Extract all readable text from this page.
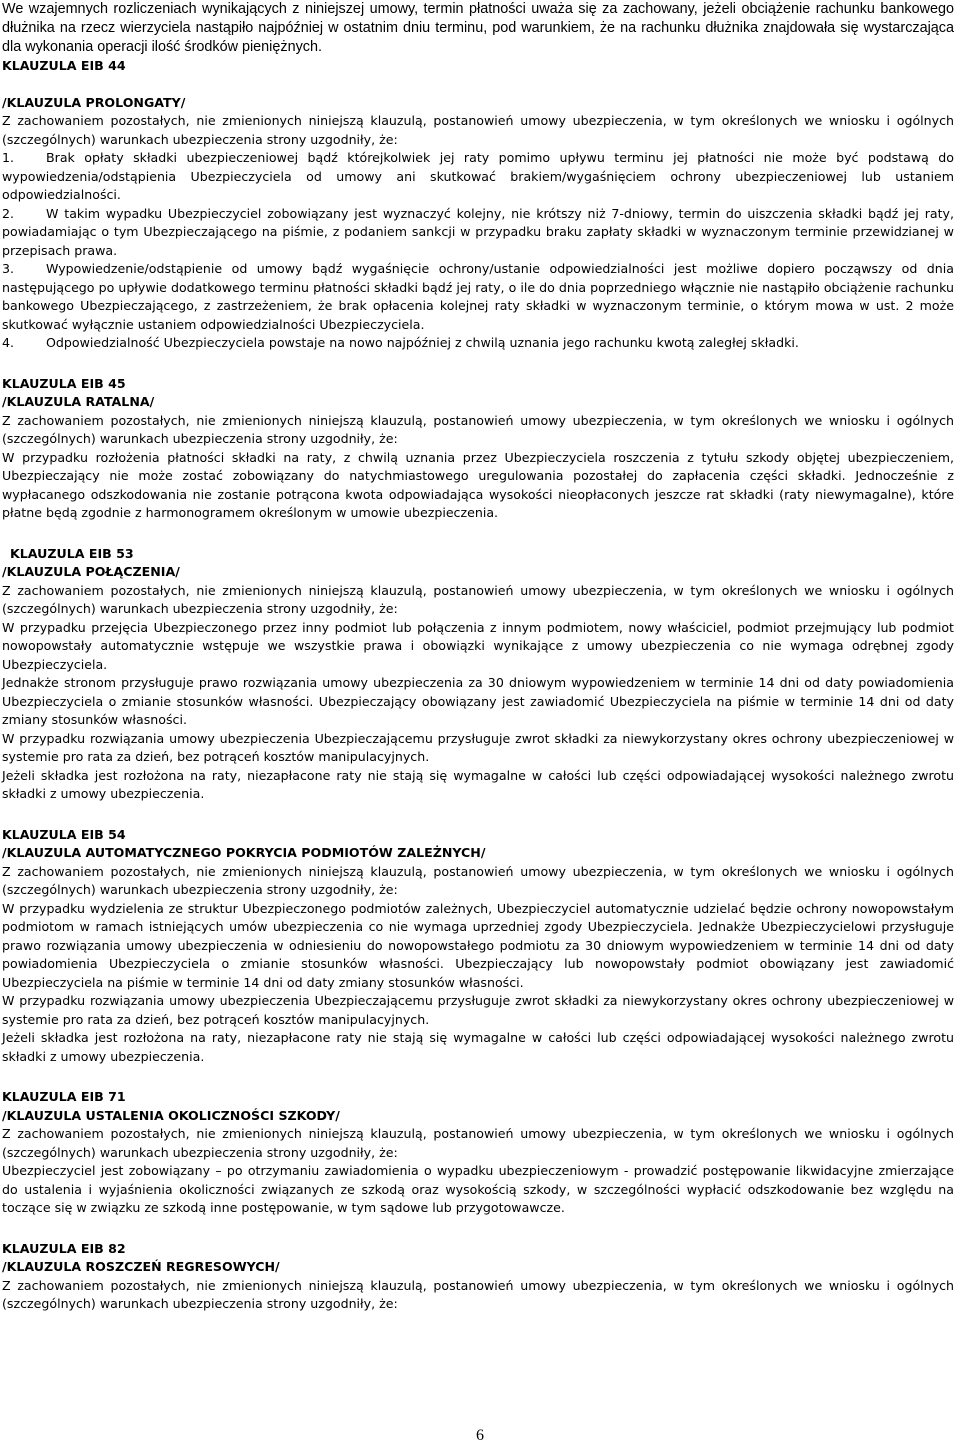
We wzajemnych rozliczeniach wynikających z niniejszej umowy, termin płatności uważa się za zachowany, jeżeli obciążenie rachunku bankowego dłużnika na rzecz wierzyciela nastąpiło najpóźniej w ostatnim dniu terminu, pod warunkiem, że na rachunku dłużnika znajdowała się wystarczająca dla wykonania operacji ilość środków pieniężnych.

KLAUZULA EIB 44

/KLAUZULA PROLONGATY/

Z zachowaniem pozostałych, nie zmienionych niniejszą klauzulą, postanowień umowy ubezpieczenia, w tym określonych we wniosku i ogólnych (szczególnych) warunkach ubezpieczenia strony uzgodniły, że:

1.	Brak opłaty składki ubezpieczeniowej bądź którejkolwiek jej raty pomimo upływu terminu jej płatności nie może być podstawą do wypowiedzenia/odstąpienia Ubezpieczyciela od umowy ani skutkować brakiem/wygaśnięciem ochrony ubezpieczeniowej lub ustaniem odpowiedzialności.

2.	W takim wypadku Ubezpieczyciel zobowiązany jest wyznaczyć kolejny, nie krótszy niż 7-dniowy, termin do uiszczenia składki bądź jej raty, powiadamiając o tym Ubezpieczającego na piśmie, z podaniem sankcji w przypadku braku zapłaty składki w wyznaczonym terminie przewidzianej w przepisach prawa.

3.	Wypowiedzenie/odstąpienie od umowy bądź wygaśnięcie ochrony/ustanie odpowiedzialności jest możliwe dopiero począwszy od dnia następującego po upływie dodatkowego terminu płatności składki bądź jej raty, o ile do dnia poprzedniego włącznie nie nastąpiło obciążenie rachunku bankowego Ubezpieczającego, z zastrzeżeniem, że brak opłacenia kolejnej raty składki w wyznaczonym terminie, o którym mowa w ust. 2 może skutkować wyłącznie ustaniem odpowiedzialności Ubezpieczyciela.

4.	Odpowiedzialność Ubezpieczyciela powstaje na nowo najpóźniej z chwilą uznania jego rachunku kwotą zaległej składki.

KLAUZULA EIB 45

/KLAUZULA RATALNA/

Z zachowaniem pozostałych, nie zmienionych niniejszą klauzulą, postanowień umowy ubezpieczenia, w tym określonych we wniosku i ogólnych (szczególnych) warunkach ubezpieczenia strony uzgodniły, że:

W przypadku rozłożenia płatności składki na raty, z chwilą uznania przez Ubezpieczyciela roszczenia z tytułu szkody objętej ubezpieczeniem, Ubezpieczający nie może zostać zobowiązany do natychmiastowego uregulowania pozostałej do zapłacenia części składki. Jednocześnie z wypłacanego odszkodowania nie zostanie potrącona kwota odpowiadająca wysokości nieopłaconych jeszcze rat składki (raty niewymagalne), które płatne będą zgodnie z harmonogramem określonym w umowie ubezpieczenia.

KLAUZULA EIB 53

/KLAUZULA POŁĄCZENIA/

Z zachowaniem pozostałych, nie zmienionych niniejszą klauzulą, postanowień umowy ubezpieczenia, w tym określonych we wniosku i ogólnych (szczególnych) warunkach ubezpieczenia strony uzgodniły, że:

W przypadku przejęcia Ubezpieczonego przez inny podmiot lub połączenia z innym podmiotem, nowy właściciel, podmiot przejmujący lub podmiot nowopowstały automatycznie wstępuje we wszystkie prawa i obowiązki wynikające z umowy ubezpieczenia co nie wymaga odrębnej zgody Ubezpieczyciela.

Jednakże stronom przysługuje prawo rozwiązania umowy ubezpieczenia za 30 dniowym wypowiedzeniem w terminie 14 dni od daty powiadomienia Ubezpieczyciela o zmianie stosunków własności. Ubezpieczający obowiązany jest zawiadomić Ubezpieczyciela na piśmie w terminie 14 dni od daty zmiany stosunków własności.

W przypadku rozwiązania umowy ubezpieczenia Ubezpieczającemu przysługuje zwrot składki za niewykorzystany okres ochrony ubezpieczeniowej w systemie pro rata za dzień, bez potrąceń kosztów manipulacyjnych.

Jeżeli składka jest rozłożona na raty, niezapłacone raty nie stają się wymagalne w całości lub części odpowiadającej wysokości należnego zwrotu składki z umowy ubezpieczenia.

KLAUZULA EIB 54

/KLAUZULA AUTOMATYCZNEGO POKRYCIA PODMIOTÓW ZALEŻNYCH/

Z zachowaniem pozostałych, nie zmienionych niniejszą klauzulą, postanowień umowy ubezpieczenia, w tym określonych we wniosku i ogólnych (szczególnych) warunkach ubezpieczenia strony uzgodniły, że:

W przypadku wydzielenia ze struktur Ubezpieczonego podmiotów zależnych, Ubezpieczyciel automatycznie udzielać będzie ochrony nowopowstałym podmiotom w ramach istniejących umów ubezpieczenia co nie wymaga uprzedniej zgody Ubezpieczyciela. Jednakże Ubezpieczycielowi przysługuje prawo rozwiązania umowy ubezpieczenia w odniesieniu do nowopowstałego podmiotu za 30 dniowym wypowiedzeniem w terminie 14 dni od daty powiadomienia Ubezpieczyciela o zmianie stosunków własności. Ubezpieczający lub nowopowstały podmiot obowiązany jest zawiadomić Ubezpieczyciela na piśmie w terminie 14 dni od daty zmiany stosunków własności.

W przypadku rozwiązania umowy ubezpieczenia Ubezpieczającemu przysługuje zwrot składki za niewykorzystany okres ochrony ubezpieczeniowej w systemie pro rata za dzień, bez potrąceń kosztów manipulacyjnych.

Jeżeli składka jest rozłożona na raty, niezapłacone raty nie stają się wymagalne w całości lub części odpowiadającej wysokości należnego zwrotu składki z umowy ubezpieczenia.

KLAUZULA EIB 71

/KLAUZULA USTALENIA OKOLICZNOŚCI SZKODY/

Z zachowaniem pozostałych, nie zmienionych niniejszą klauzulą, postanowień umowy ubezpieczenia, w tym określonych we wniosku i ogólnych (szczególnych) warunkach ubezpieczenia strony uzgodniły, że:

Ubezpieczyciel jest zobowiązany – po otrzymaniu zawiadomienia o wypadku ubezpieczeniowym - prowadzić postępowanie likwidacyjne zmierzające do ustalenia i wyjaśnienia okoliczności związanych ze szkodą oraz wysokością szkody, w szczególności wypłacić odszkodowanie bez względu na toczące się w związku ze szkodą inne postępowanie, w tym sądowe lub przygotowawcze.

KLAUZULA EIB 82

/KLAUZULA ROSZCZEŃ REGRESOWYCH/

Z zachowaniem pozostałych, nie zmienionych niniejszą klauzulą, postanowień umowy ubezpieczenia, w tym określonych we wniosku i ogólnych (szczególnych) warunkach ubezpieczenia strony uzgodniły, że:

6
